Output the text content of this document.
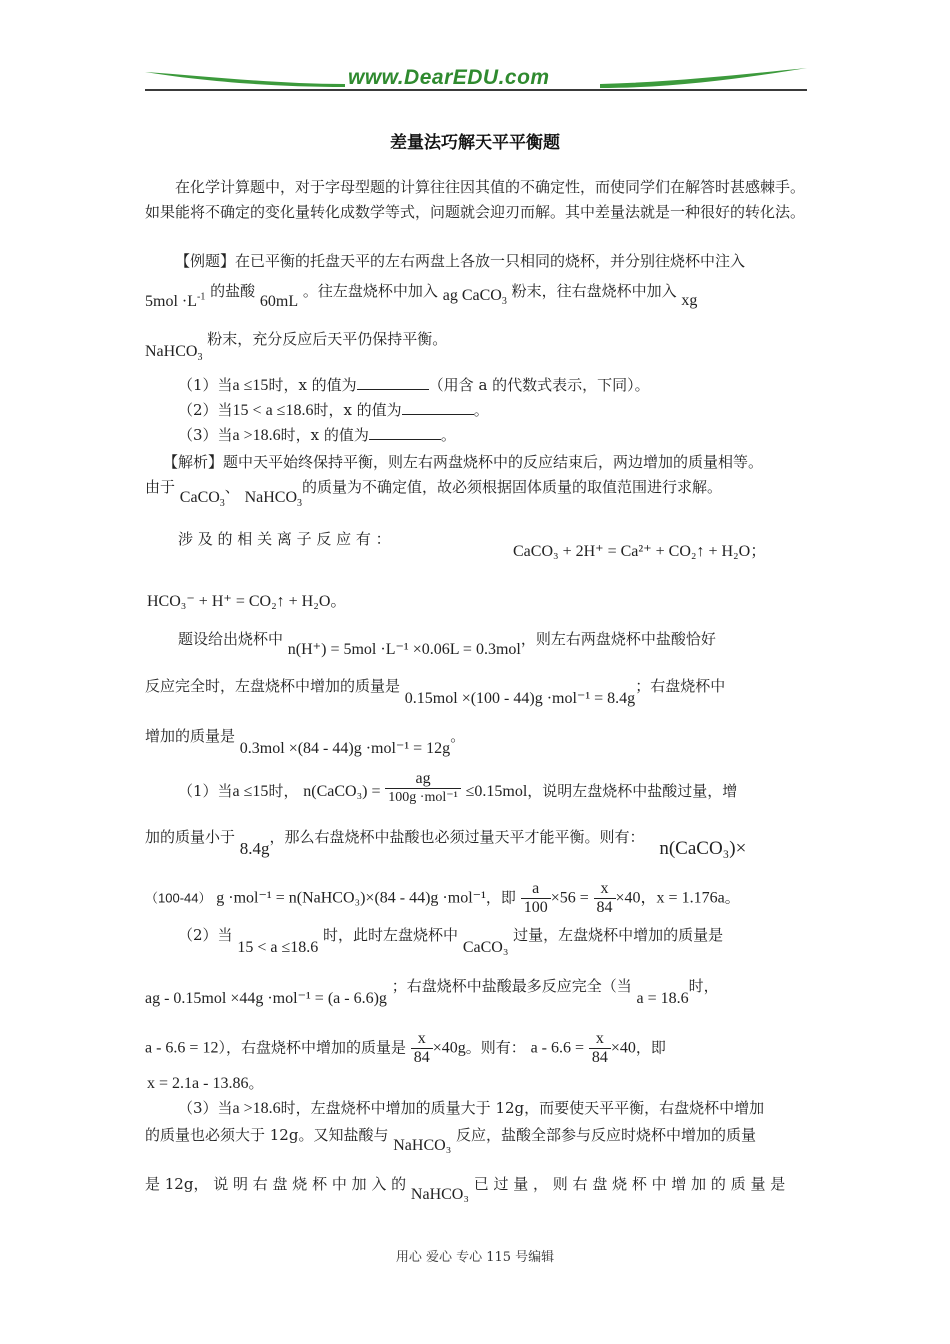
www.DearEDU.com
差量法巧解天平平衡题

在化学计算题中，对于字母型题的计算往往因其值的不确定性，而使同学们在解答时甚感棘手。如果能将不确定的变化量转化成数学等式，问题就会迎刃而解。其中差量法就是一种很好的转化法。

【例题】在已平衡的托盘天平的左右两盘上各放一只相同的烧杯，并分别往烧杯中注入
$5mol \cdot L^{-1}$ 的盐酸 60mL 。往左盘烧杯中加入 ag CaCO$_3$ 粉末，往右盘烧杯中加入 xg
NaHCO$_3$ 粉末，充分反应后天平仍保持平衡。
（1）当a ≤15时，x 的值为	（用含 a 的代数式表示，下同）。
（2）当15 < a ≤18.6时，x 的值为	。
（3）当a >18.6时，x 的值为	。
【解析】题中天平始终保持平衡，则左右两盘烧杯中的反应结束后，两边增加的质量相等。
由于 CaCO$_3$、 NaHCO$_3$的质量为不确定值，故必须根据固体质量的取值范围进行求解。
涉 及 的 相 关 离 子 反 应 有 ：
CaCO₃ + 2H⁺ = Ca²⁺ + CO₂↑ + H₂O；
HCO₃⁻ + H⁺ = CO₂↑ + H₂O。
题设给出烧杯中 n(H⁺) = 5mol ·L⁻¹ ×0.06L = 0.3mol，则左右两盘烧杯中盐酸恰好
反应完全时，左盘烧杯中增加的质量是 0.15mol ×(100 - 44)g ·mol⁻¹ = 8.4g；右盘烧杯中
增加的质量是 0.3mol ×(84 - 44)g ·mol⁻¹ = 12g。
（1）当a ≤15时， n(CaCO₃) = $\frac{ag}{\text{100g ·mol⁻¹}} \le 0.15mol$，说明左盘烧杯中盐酸过量，增
加的质量小于 8.4g，那么右盘烧杯中盐酸也必须过量天平才能平衡。则有： n(CaCO₃)×
（100-44） g ·mol⁻¹ = n(NaHCO₃)×(84 - 44)g ·mol⁻¹，即 $\frac{a}{100} \times 56 = \frac{x}{84} \times 40$，x = 1.176a。
（2）当 15 < a ≤18.6 时，此时左盘烧杯中 CaCO₃ 过量，左盘烧杯中增加的质量是
ag - 0.15mol ×44g ·mol⁻¹ = (a - 6.6)g ；右盘烧杯中盐酸最多反应完全（当 a = 18.6时，
a - 6.6 = 12），右盘烧杯中增加的质量是 $\frac{x}{84} \times 40g$。则有： $a - 6.6 = \frac{x}{84} \times 40$，即
x = 2.1a - 13.86。
（3）当a >18.6时，左盘烧杯中增加的质量大于 12g，而要使天平平衡，右盘烧杯中增加
的质量也必须大于 12g。又知盐酸与 NaHCO₃ 反应，盐酸全部参与反应时烧杯中增加的质量
是 12g， 说 明 右 盘 烧 杯 中 加 入 的 NaHCO₃ 已 过 量 ， 则 右 盘 烧 杯 中 增 加 的 质 量 是
用心 爱心 专心 115 号编辑
